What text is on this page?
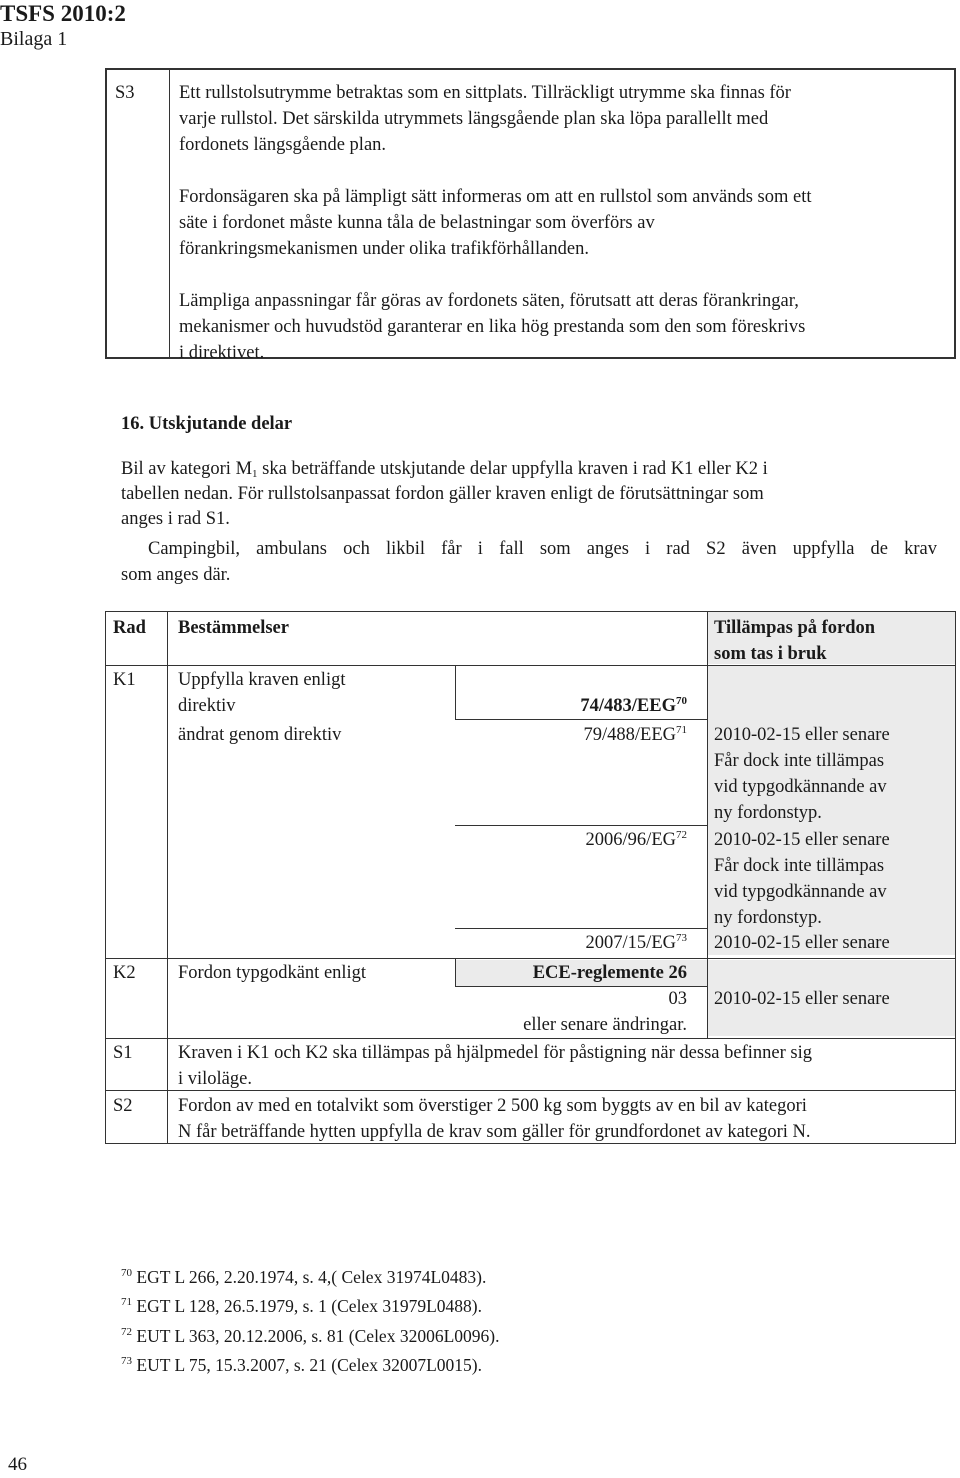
TSFS 2010:2
Bilaga 1
S3 Ett rullstolsutrymme betraktas som en sittplats. Tillräckligt utrymme ska finnas för
varje rullstol. Det särskilda utrymmets längsgående plan ska löpa parallellt med
fordonets längsgående plan.
Fordonsägaren ska på lämpligt sätt informeras om att en rullstol som används som ett
säte i fordonet måste kunna tåla de belastningar som överförs av
förankringsmekanismen under olika trafikförhållanden.
Lämpliga anpassningar får göras av fordonets säten, förutsatt att deras förankringar,
mekanismer och huvudstöd garanterar en lika hög prestanda som den som föreskrivs
i direktivet.
16. Utskjutande delar
Bil av kategori $M_1$ ska beträffande utskjutande delar uppfylla kraven i rad K1 eller K2 i
tabellen nedan. För rullstolsanpassat fordon gäller kraven enligt de förutsättningar som
anges i rad S1.
Campingbil, ambulans och likbil får i fall som anges i rad S2 även uppfylla de krav
som anges där.
Rad Bestämmelser	Tillämpas på fordon
som tas i bruk
K1 Uppfylla kraven enligt
direktiv	74/483/EEG$^{70}$
ändrat genom direktiv	79/488/EEG$^{71}$ 2010-02-15 eller senare
Får dock inte tillämpas
vid typgodkännande av
ny fordonstyp.
2006/96/EG$^{72}$ 2010-02-15 eller senare
Får dock inte tillämpas
vid typgodkännande av
ny fordonstyp.
2007/15/EG$^{73}$ 2010-02-15 eller senare
K2 Fordon typgodkänt enligt	ECE-reglemente 26
03
eller senare ändringar.
2010-02-15 eller senare
S1 Kraven i K1 och K2 ska tillämpas på hjälpmedel för påstigning när dessa befinner sig
i viloläge.
S2 Fordon av med en totalvikt som överstiger 2 500 kg som byggts av en bil av kategori
N får beträffande hytten uppfylla de krav som gäller för grundfordonet av kategori N.
$^{70}$ EGT L 266, 2.20.1974, s. 4,( Celex 31974L0483).
$^{71}$ EGT L 128, 26.5.1979, s. 1 (Celex 31979L0488).
$^{72}$ EUT L 363, 20.12.2006, s. 81 (Celex 32006L0096).
$^{73}$ EUT L 75, 15.3.2007, s. 21 (Celex 32007L0015).
46
